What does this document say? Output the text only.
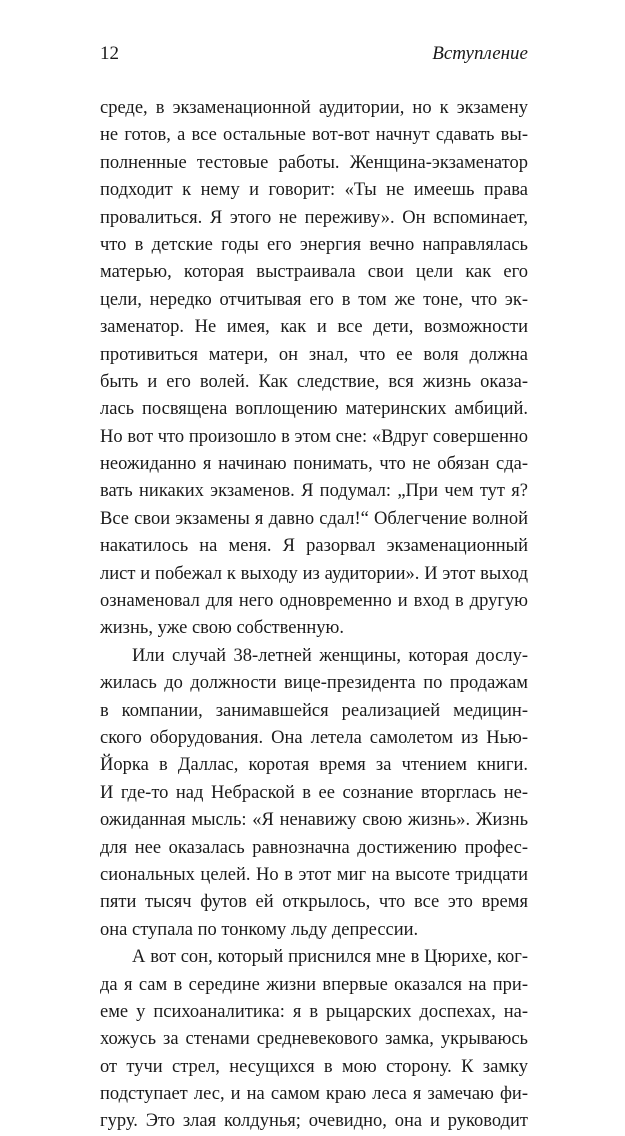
12	Вступление
среде, в экзаменационной аудитории, но к экзамену
не готов, а все остальные вот-вот начнут сдавать вы-
полненные тестовые работы. Женщина-экзаменатор
подходит к нему и говорит: «Ты не имеешь права
провалиться. Я этого не переживу». Он вспоминает,
что в детские годы его энергия вечно направлялась
матерью, которая выстраивала свои цели как его
цели, нередко отчитывая его в том же тоне, что эк-
заменатор. Не имея, как и все дети, возможности
противиться матери, он знал, что ее воля должна
быть и его волей. Как следствие, вся жизнь оказа-
лась посвящена воплощению материнских амбиций.
Но вот что произошло в этом сне: «Вдруг совершенно
неожиданно я начинаю понимать, что не обязан сда-
вать никаких экзаменов. Я подумал: „При чем тут я?
Все свои экзамены я давно сдал!“ Облегчение волной
накатилось на меня. Я разорвал экзаменационный
лист и побежал к выходу из аудитории». И этот выход
ознаменовал для него одновременно и вход в другую
жизнь, уже свою собственную.
Или случай 38-летней женщины, которая дослу-
жилась до должности вице-президента по продажам
в компании, занимавшейся реализацией медицин-
ского оборудования. Она летела самолетом из Нью-
Йорка в Даллас, коротая время за чтением книги.
И где-то над Небраской в ее сознание вторглась не-
ожиданная мысль: «Я ненавижу свою жизнь». Жизнь
для нее оказалась равнозначна достижению профес-
сиональных целей. Но в этот миг на высоте тридцати
пяти тысяч футов ей открылось, что все это время
она ступала по тонкому льду депрессии.
А вот сон, который приснился мне в Цюрихе, ког-
да я сам в середине жизни впервые оказался на при-
еме у психоаналитика: я в рыцарских доспехах, на-
хожусь за стенами средневекового замка, укрываюсь
от тучи стрел, несущихся в мою сторону. К замку
подступает лес, и на самом краю леса я замечаю фи-
гуру. Это злая колдунья; очевидно, она и руководит
